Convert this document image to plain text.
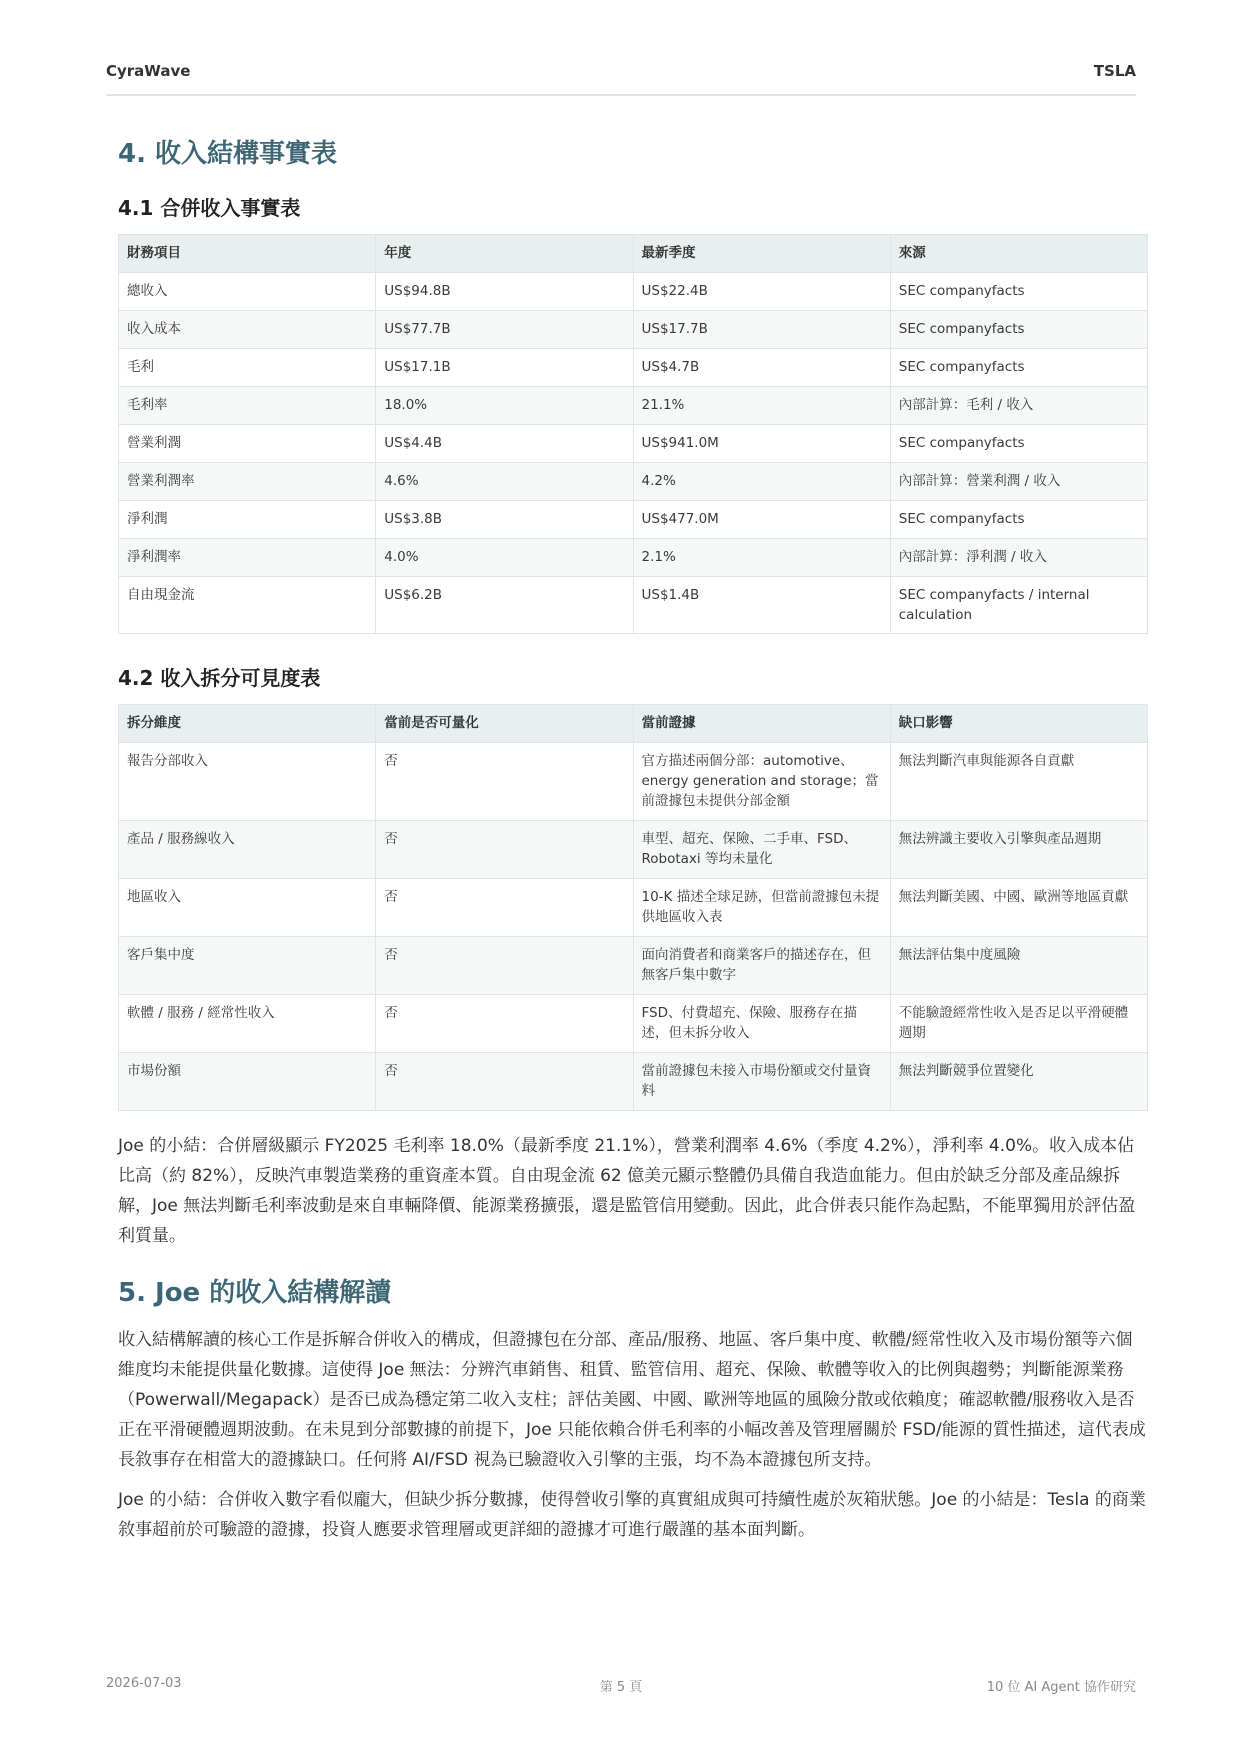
CyraWave	TSLA
4. 收入結構事實表
4.1 合併收入事實表
財務項目	年度	最新季度	來源
總收入	US$94.8B	US$22.4B	SEC companyfacts
收入成本	US$77.7B	US$17.7B	SEC companyfacts
毛利	US$17.1B	US$4.7B	SEC companyfacts
毛利率	18.0%	21.1%	內部計算：毛利 / 收入
營業利潤	US$4.4B	US$941.0M	SEC companyfacts
營業利潤率	4.6%	4.2%	內部計算：營業利潤 / 收入
淨利潤	US$3.8B	US$477.0M	SEC companyfacts
淨利潤率	4.0%	2.1%	內部計算：淨利潤 / 收入
自由現金流	US$6.2B	US$1.4B	SEC companyfacts / internal calculation
4.2 收入拆分可見度表
拆分維度	當前是否可量化	當前證據	缺口影響
報告分部收入	否	官方描述兩個分部：automotive、energy generation and storage；當前證據包未提供分部金額	無法判斷汽車與能源各自貢獻
產品 / 服務線收入	否	車型、超充、保險、二手車、FSD、Robotaxi 等均未量化	無法辨識主要收入引擎與產品週期
地區收入	否	10-K 描述全球足跡，但當前證據包未提供地區收入表	無法判斷美國、中國、歐洲等地區貢獻
客戶集中度	否	面向消費者和商業客戶的描述存在，但無客戶集中數字	無法評估集中度風險
軟體 / 服務 / 經常性收入	否	FSD、付費超充、保險、服務存在描述，但未拆分收入	不能驗證經常性收入是否足以平滑硬體週期
市場份額	否	當前證據包未接入市場份額或交付量資料	無法判斷競爭位置變化

Joe 的小結：合併層級顯示 FY2025 毛利率 18.0%（最新季度 21.1%），營業利潤率 4.6%（季度 4.2%），淨利率 4.0%。收入成本佔比高（約 82%），反映汽車製造業務的重資產本質。自由現金流 62 億美元顯示整體仍具備自我造血能力。但由於缺乏分部及產品線拆解，Joe 無法判斷毛利率波動是來自車輛降價、能源業務擴張，還是監管信用變動。因此，此合併表只能作為起點，不能單獨用於評估盈利質量。

5. Joe 的收入結構解讀

收入結構解讀的核心工作是拆解合併收入的構成，但證據包在分部、產品/服務、地區、客戶集中度、軟體/經常性收入及市場份額等六個維度均未能提供量化數據。這使得 Joe 無法：分辨汽車銷售、租賃、監管信用、超充、保險、軟體等收入的比例與趨勢；判斷能源業務（Powerwall/Megapack）是否已成為穩定第二收入支柱；評估美國、中國、歐洲等地區的風險分散或依賴度；確認軟體/服務收入是否正在平滑硬體週期波動。在未見到分部數據的前提下，Joe 只能依賴合併毛利率的小幅改善及管理層關於 FSD/能源的質性描述，這代表成長敘事存在相當大的證據缺口。任何將 AI/FSD 視為已驗證收入引擎的主張，均不為本證據包所支持。

Joe 的小結：合併收入數字看似龐大，但缺少拆分數據，使得營收引擎的真實組成與可持續性處於灰箱狀態。Joe 的小結是：Tesla 的商業敘事超前於可驗證的證據，投資人應要求管理層或更詳細的證據才可進行嚴謹的基本面判斷。

2026-07-03	第 5 頁	10 位 AI Agent 協作研究
